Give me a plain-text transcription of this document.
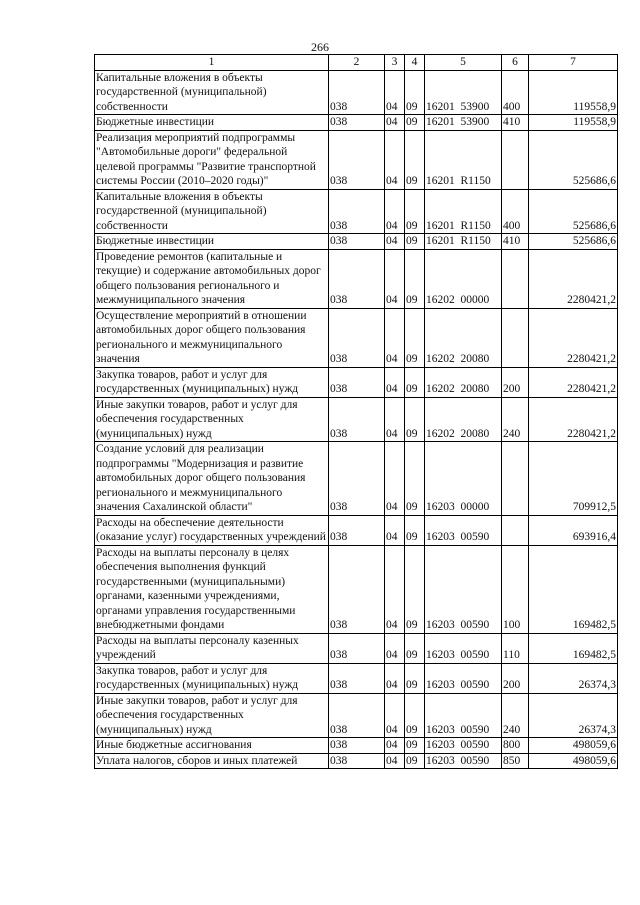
266
1	2	3	4	5	6	7
Капитальные вложения в объекты государственной (муниципальной) собственности	038	04	09	16201  53900	400	119558,9
Бюджетные инвестиции	038	04	09	16201  53900	410	119558,9
Реализация мероприятий подпрограммы "Автомобильные дороги" федеральной целевой программы "Развитие транспортной системы России (2010–2020 годы)"	038	04	09	16201  R1150		525686,6
Капитальные вложения в объекты государственной (муниципальной) собственности	038	04	09	16201  R1150	400	525686,6
Бюджетные инвестиции	038	04	09	16201  R1150	410	525686,6
Проведение ремонтов (капитальные и текущие) и содержание автомобильных дорог общего пользования регионального и межмуниципального значения	038	04	09	16202  00000		2280421,2
Осуществление мероприятий в отношении автомобильных дорог общего пользования регионального и межмуниципального значения	038	04	09	16202  20080		2280421,2
Закупка товаров, работ и услуг для государственных (муниципальных) нужд	038	04	09	16202  20080	200	2280421,2
Иные закупки товаров, работ и услуг для обеспечения государственных (муниципальных) нужд	038	04	09	16202  20080	240	2280421,2
Создание условий для реализации подпрограммы "Модернизация и развитие автомобильных дорог общего пользования регионального и межмуниципального значения Сахалинской области"	038	04	09	16203  00000		709912,5
Расходы на обеспечение деятельности (оказание услуг) государственных учреждений	038	04	09	16203  00590		693916,4
Расходы на выплаты персоналу в целях обеспечения выполнения функций государственными (муниципальными) органами, казенными учреждениями, органами управления государственными внебюджетными фондами	038	04	09	16203  00590	100	169482,5
Расходы на выплаты персоналу казенных учреждений	038	04	09	16203  00590	110	169482,5
Закупка товаров, работ и услуг для государственных (муниципальных) нужд	038	04	09	16203  00590	200	26374,3
Иные закупки товаров, работ и услуг для обеспечения государственных (муниципальных) нужд	038	04	09	16203  00590	240	26374,3
Иные бюджетные ассигнования	038	04	09	16203  00590	800	498059,6
Уплата налогов, сборов и иных платежей	038	04	09	16203  00590	850	498059,6
